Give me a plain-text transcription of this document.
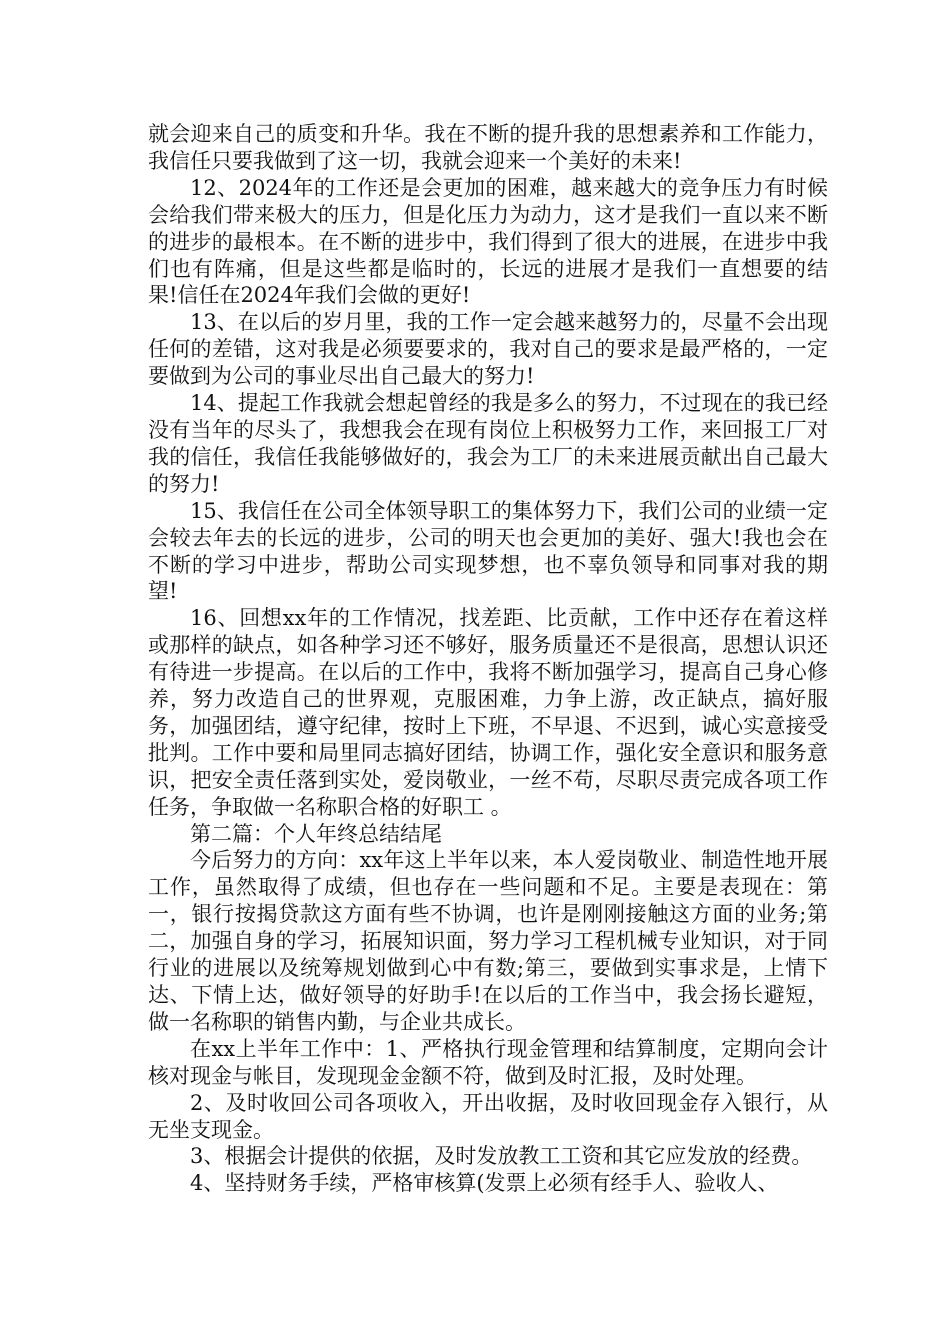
就会迎来自己的质变和升华。我在不断的提升我的思想素养和工作能力，我信任只要我做到了这一切，我就会迎来一个美好的未来!

12、2024年的工作还是会更加的困难，越来越大的竞争压力有时候会给我们带来极大的压力，但是化压力为动力，这才是我们一直以来不断的进步的最根本。在不断的进步中，我们得到了很大的进展，在进步中我们也有阵痛，但是这些都是临时的，长远的进展才是我们一直想要的结果!信任在2024年我们会做的更好!

13、在以后的岁月里，我的工作一定会越来越努力的，尽量不会出现任何的差错，这对我是必须要要求的，我对自己的要求是最严格的，一定要做到为公司的事业尽出自己最大的努力!

14、提起工作我就会想起曾经的我是多么的努力，不过现在的我已经没有当年的尽头了，我想我会在现有岗位上积极努力工作，来回报工厂对我的信任，我信任我能够做好的，我会为工厂的未来进展贡献出自己最大的努力!

15、我信任在公司全体领导职工的集体努力下，我们公司的业绩一定会较去年去的长远的进步，公司的明天也会更加的美好、强大!我也会在不断的学习中进步，帮助公司实现梦想，也不辜负领导和同事对我的期望!

16、回想xx年的工作情况，找差距、比贡献，工作中还存在着这样或那样的缺点，如各种学习还不够好，服务质量还不是很高，思想认识还有待进一步提高。在以后的工作中，我将不断加强学习，提高自己身心修养，努力改造自己的世界观，克服困难，力争上游，改正缺点，搞好服务，加强团结，遵守纪律，按时上下班，不早退、不迟到，诚心实意接受批判。工作中要和局里同志搞好团结，协调工作，强化安全意识和服务意识，把安全责任落到实处，爱岗敬业，一丝不苟，尽职尽责完成各项工作任务，争取做一名称职合格的好职工 。

第二篇：个人年终总结结尾

今后努力的方向：xx年这上半年以来，本人爱岗敬业、制造性地开展工作，虽然取得了成绩，但也存在一些问题和不足。主要是表现在：第一，银行按揭贷款这方面有些不协调，也许是刚刚接触这方面的业务;第二，加强自身的学习，拓展知识面，努力学习工程机械专业知识，对于同行业的进展以及统筹规划做到心中有数;第三，要做到实事求是，上情下达、下情上达，做好领导的好助手!在以后的工作当中，我会扬长避短，做一名称职的销售内勤，与企业共成长。

在xx上半年工作中：1、严格执行现金管理和结算制度，定期向会计核对现金与帐目，发现现金金额不符，做到及时汇报，及时处理。

2、及时收回公司各项收入，开出收据，及时收回现金存入银行，从无坐支现金。

3、根据会计提供的依据，及时发放教工工资和其它应发放的经费。

4、坚持财务手续，严格审核算(发票上必须有经手人、验收人、
